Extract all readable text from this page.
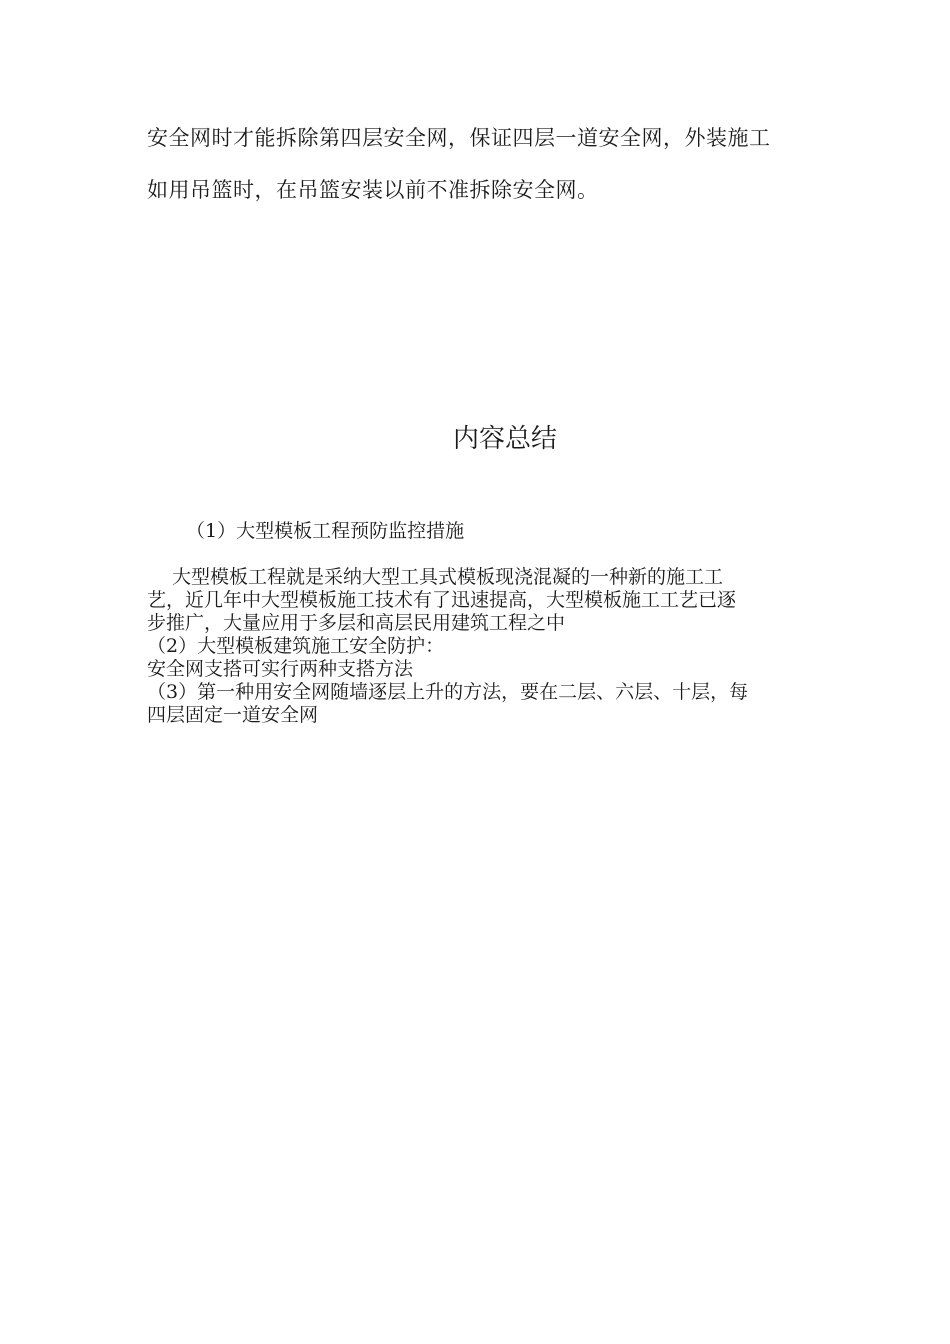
安全网时才能拆除第四层安全网，保证四层一道安全网，外装施工
如用吊篮时，在吊篮安装以前不准拆除安全网。
内容总结
（1）大型模板工程预防监控措施
大型模板工程就是采纳大型工具式模板现浇混凝的一种新的施工工
艺，近几年中大型模板施工技术有了迅速提高，大型模板施工工艺已逐
步推广，大量应用于多层和高层民用建筑工程之中
（2）大型模板建筑施工安全防护：
安全网支搭可实行两种支搭方法
（3）第一种用安全网随墙逐层上升的方法，要在二层、六层、十层，每
四层固定一道安全网
